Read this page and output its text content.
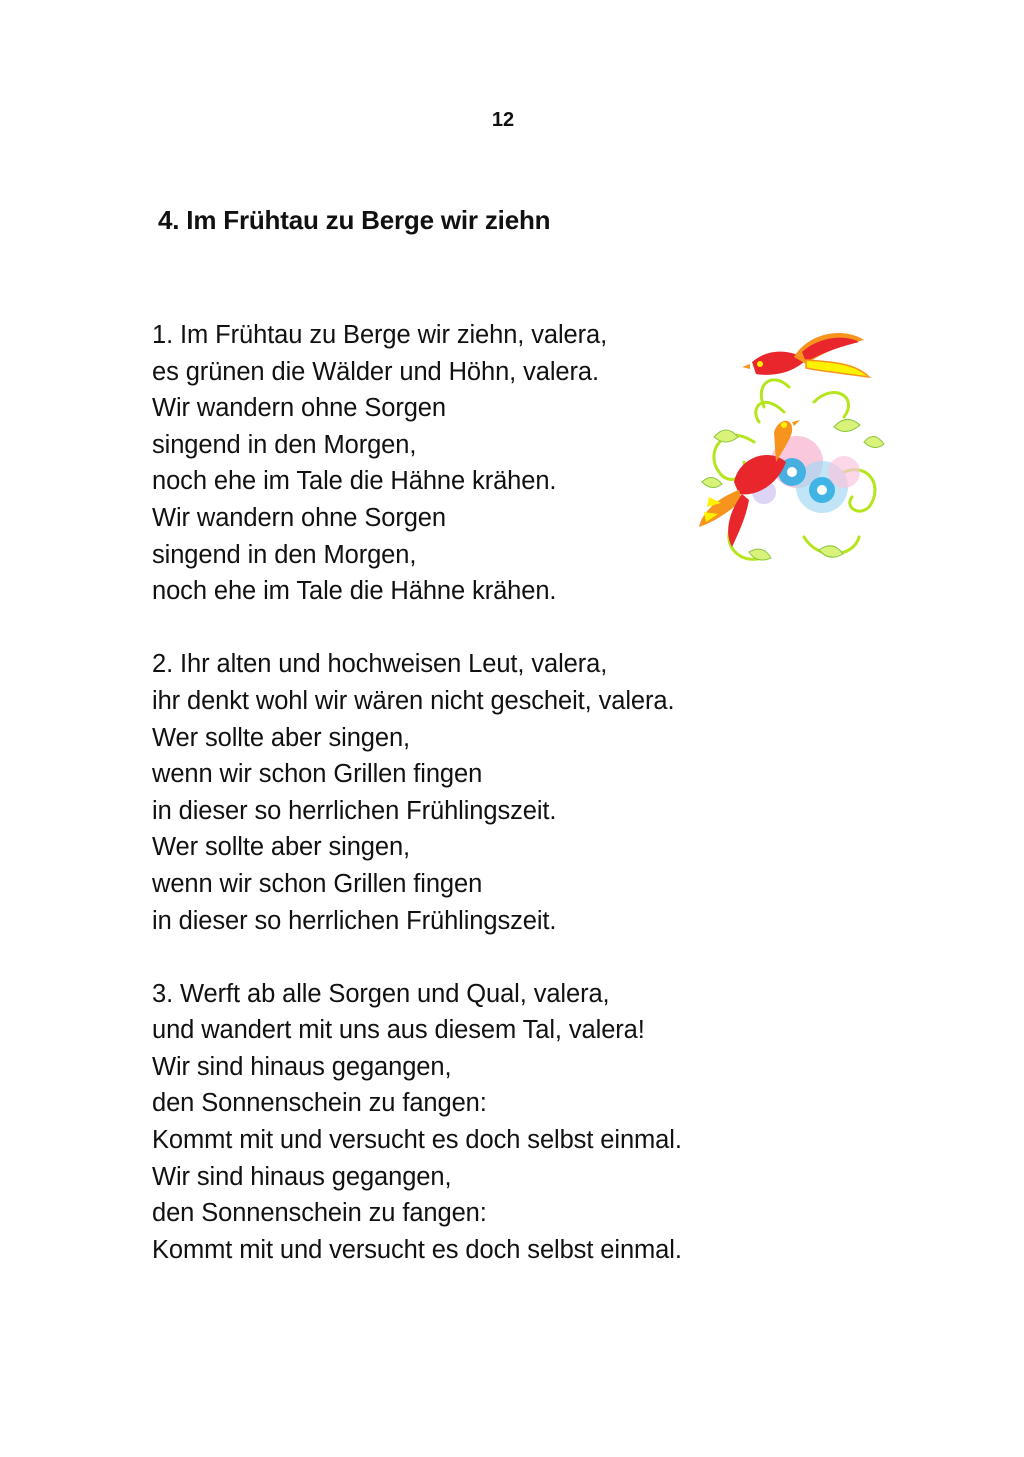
12
4. Im Frühtau zu Berge wir ziehn
1. Im Frühtau zu Berge wir ziehn, valera,
es grünen die Wälder und Höhn, valera.
Wir wandern ohne Sorgen
singend in den Morgen,
noch ehe im Tale die Hähne krähen.
Wir wandern ohne Sorgen
singend in den Morgen,
noch ehe im Tale die Hähne krähen.
2. Ihr alten und hochweisen Leut, valera,
ihr denkt wohl wir wären nicht gescheit, valera.
Wer sollte aber singen,
wenn wir schon Grillen fingen
in dieser so herrlichen Frühlingszeit.
Wer sollte aber singen,
wenn wir schon Grillen fingen
in dieser so herrlichen Frühlingszeit.
3. Werft ab alle Sorgen und Qual, valera,
und wandert mit uns aus diesem Tal, valera!
Wir sind hinaus gegangen,
den Sonnenschein zu fangen:
Kommt mit und versucht es doch selbst einmal.
Wir sind hinaus gegangen,
den Sonnenschein zu fangen:
Kommt mit und versucht es doch selbst einmal.
